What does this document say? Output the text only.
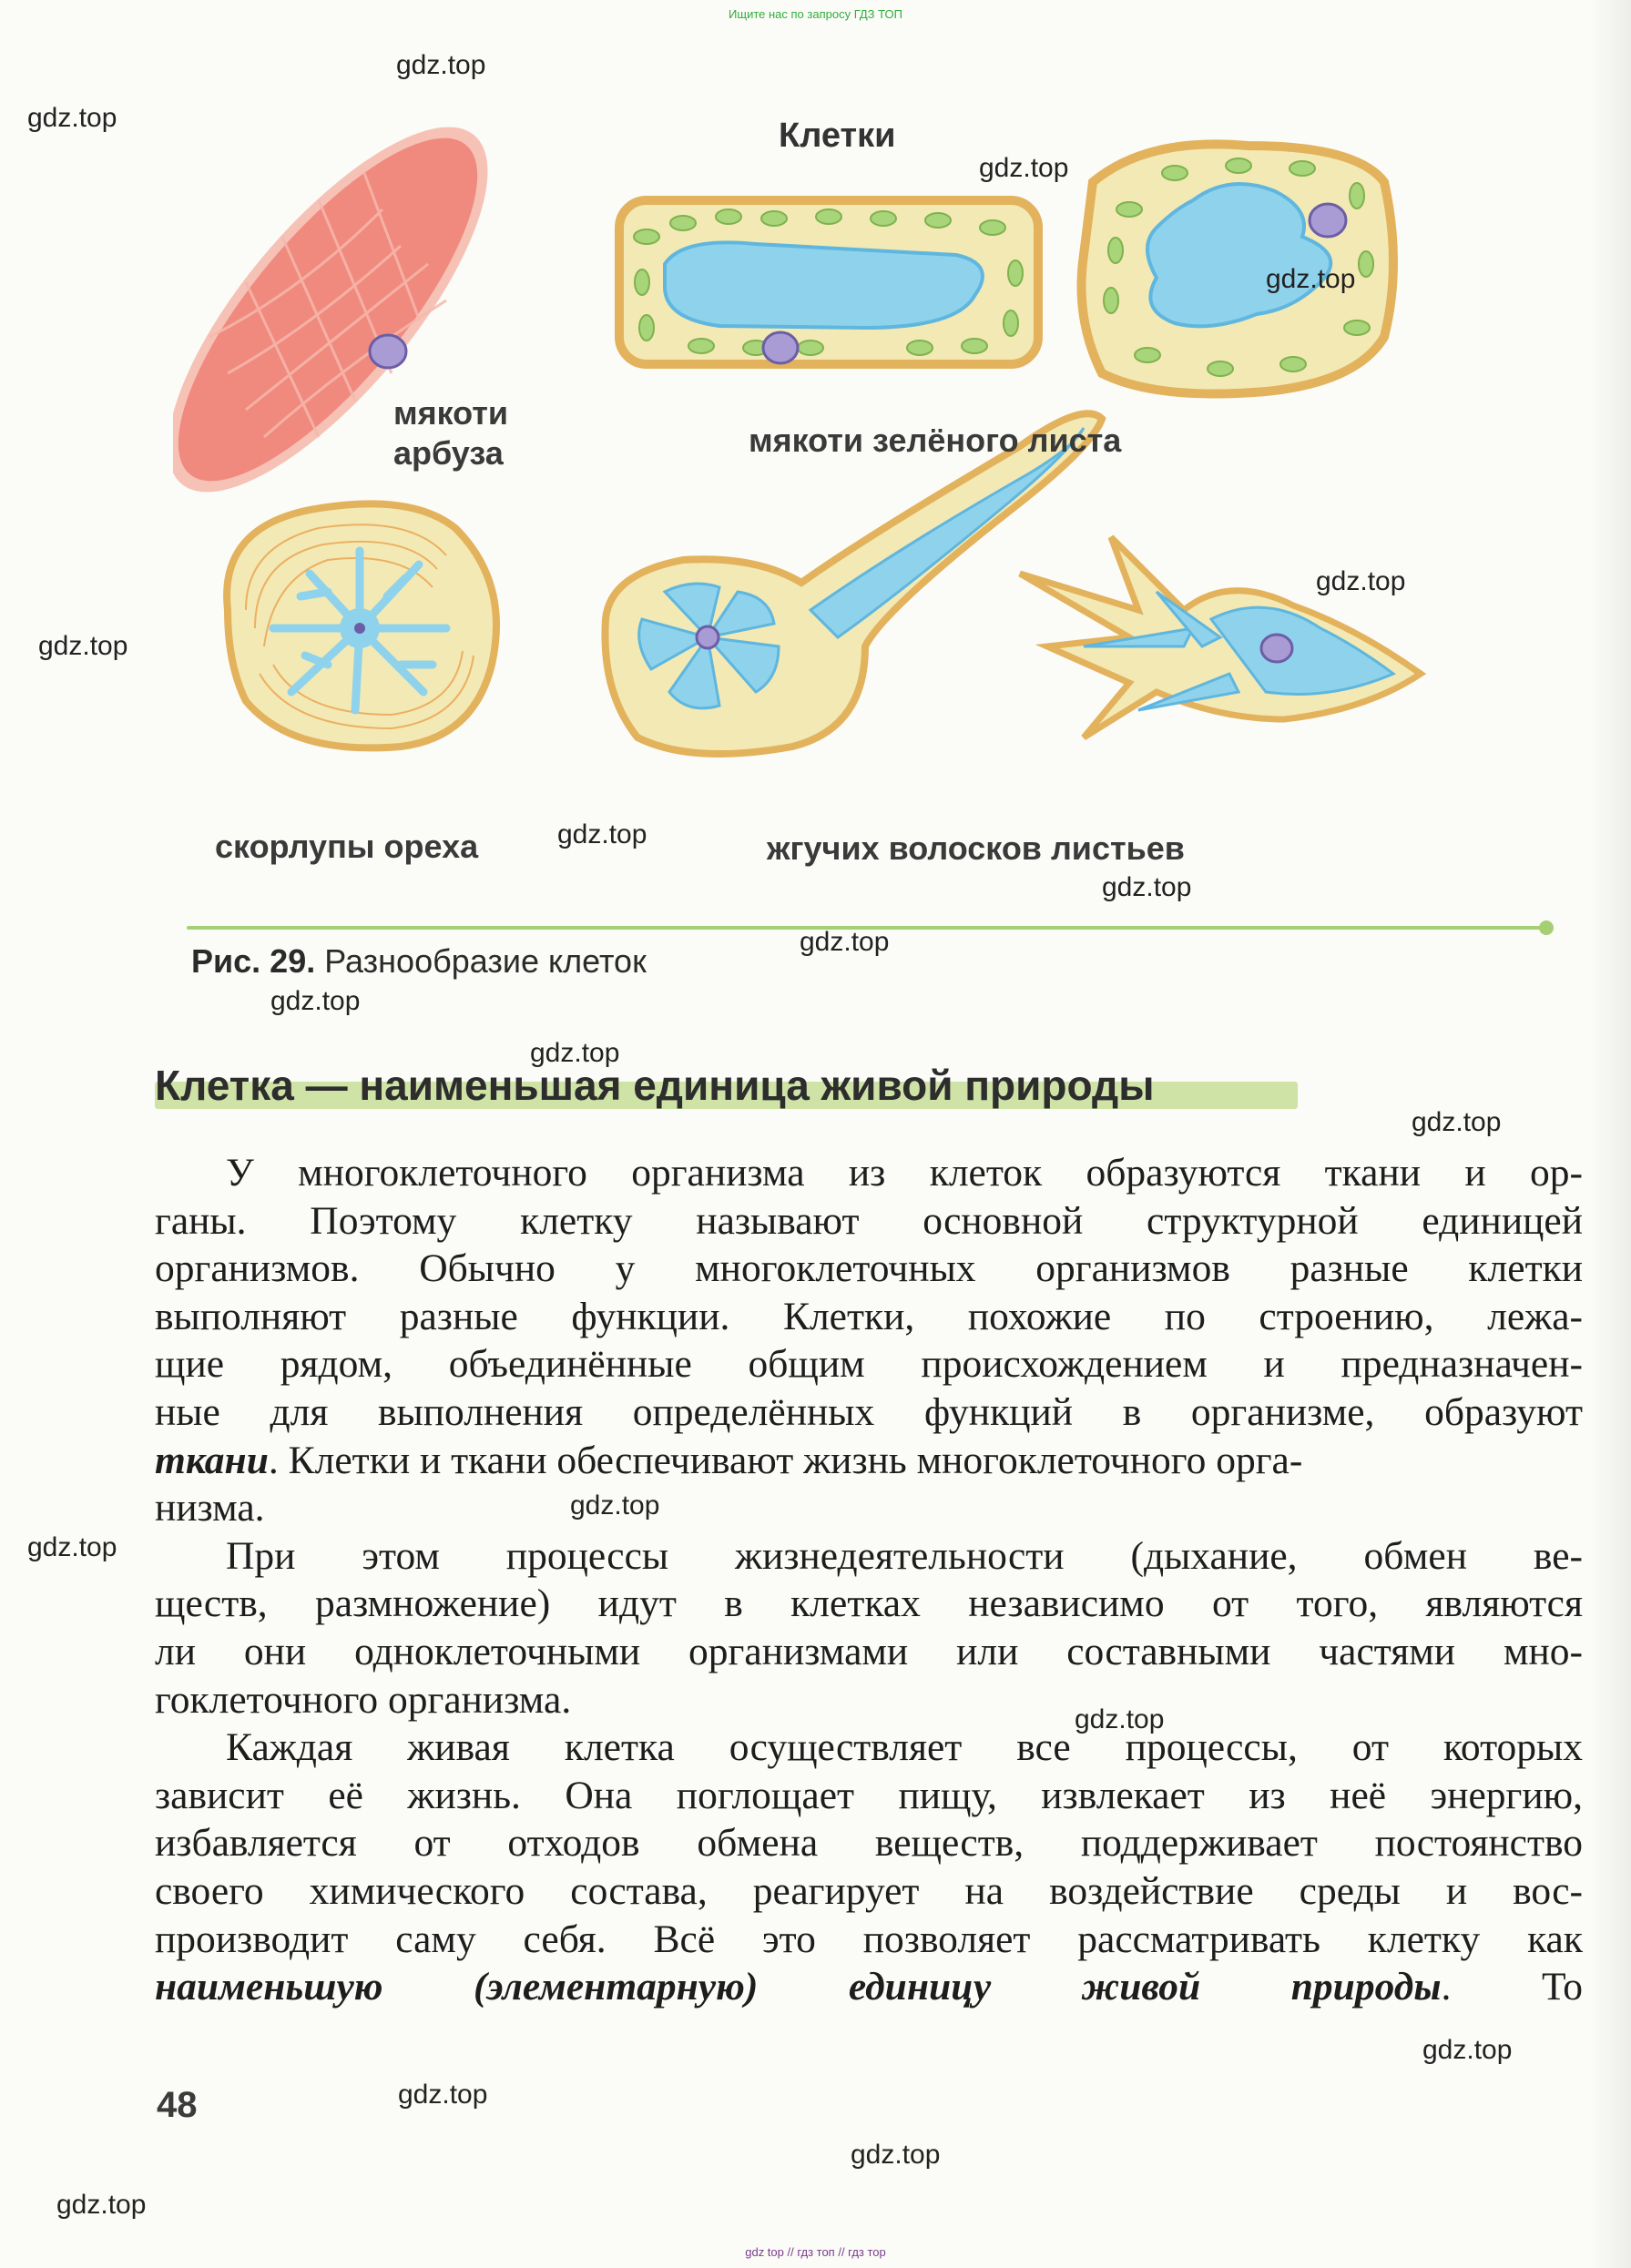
Ищите нас по запросу ГДЗ ТОП
Клетки
мякоти
арбуза	мякоти зелёного листа
скорлупы ореха	жгучих волосков листьев
Рис. 29. Разнообразие клеток
Клетка — наименьшая единица живой природы

У многоклеточного организма из клеток образуются ткани и ор-
ганы. Поэтому клетку называют основной структурной единицей
организмов. Обычно у многоклеточных организмов разные клетки
выполняют разные функции. Клетки, похожие по строению, лежа-
щие рядом, объединённые общим происхождением и предназначен-
ные для выполнения определённых функций в организме, образуют
ткани. Клетки и ткани обеспечивают жизнь многоклеточного орга-
низма.

При этом процессы жизнедеятельности (дыхание, обмен ве-
ществ, размножение) идут в клетках независимо от того, являются
ли они одноклеточными организмами или составными частями мно-
гоклеточного организма.

Каждая живая клетка осуществляет все процессы, от которых
зависит её жизнь. Она поглощает пищу, извлекает из неё энергию,
избавляется от отходов обмена веществ, поддерживает постоянство
своего химического состава, реагирует на воздействие среды и вос-
производит саму себя. Всё это позволяет рассматривать клетку как
наименьшую (элементарную) единицу живой природы. То

48
gdz.top
gdz.top
gdz.top
gdz.top
gdz.top
gdz.top
gdz.top
gdz.top
gdz.top
gdz.top
gdz.top
gdz.top
gdz.top
gdz.top
gdz.top
gdz.top
gdz.top
gdz.top
gdz.top
gdz top // гдз топ // гдз тор
